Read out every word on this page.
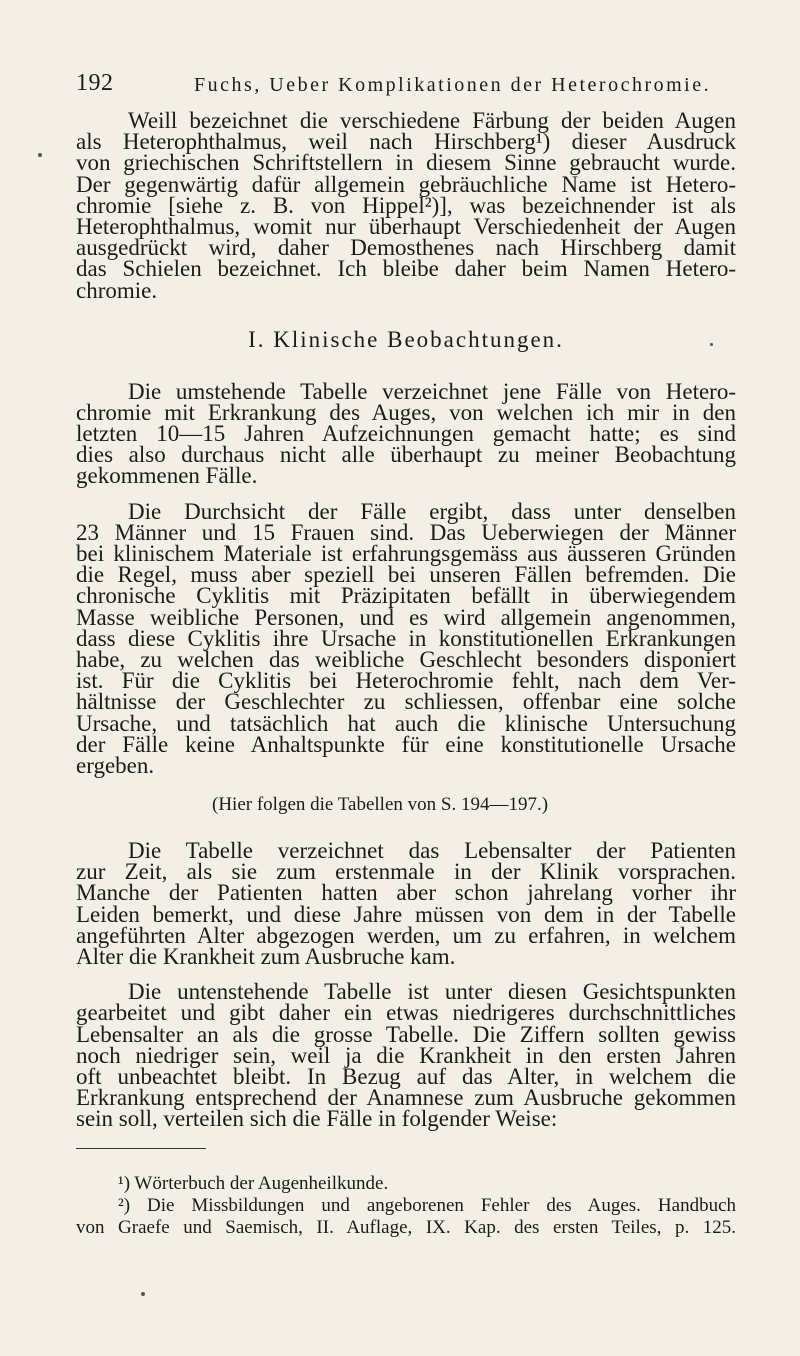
192	Fuchs, Ueber Komplikationen der Heterochromie.
Weill bezeichnet die verschiedene Färbung der beiden Augen
als Heterophthalmus, weil nach Hirschberg¹) dieser Ausdruck
von griechischen Schriftstellern in diesem Sinne gebraucht wurde.
Der gegenwärtig dafür allgemein gebräuchliche Name ist Hetero-
chromie [siehe z. B. von Hippel²)], was bezeichnender ist als
Heterophthalmus, womit nur überhaupt Verschiedenheit der Augen
ausgedrückt wird, daher Demosthenes nach Hirschberg damit
das Schielen bezeichnet. Ich bleibe daher beim Namen Hetero-
chromie.
I. Klinische Beobachtungen.
Die umstehende Tabelle verzeichnet jene Fälle von Hetero-
chromie mit Erkrankung des Auges, von welchen ich mir in den
letzten 10—15 Jahren Aufzeichnungen gemacht hatte; es sind
dies also durchaus nicht alle überhaupt zu meiner Beobachtung
gekommenen Fälle.
Die Durchsicht der Fälle ergibt, dass unter denselben
23 Männer und 15 Frauen sind. Das Ueberwiegen der Männer
bei klinischem Materiale ist erfahrungsgemäss aus äusseren Gründen
die Regel, muss aber speziell bei unseren Fällen befremden. Die
chronische Cyklitis mit Präzipitaten befällt in überwiegendem
Masse weibliche Personen, und es wird allgemein angenommen,
dass diese Cyklitis ihre Ursache in konstitutionellen Erkrankungen
habe, zu welchen das weibliche Geschlecht besonders disponiert
ist. Für die Cyklitis bei Heterochromie fehlt, nach dem Ver-
hältnisse der Geschlechter zu schliessen, offenbar eine solche
Ursache, und tatsächlich hat auch die klinische Untersuchung
der Fälle keine Anhaltspunkte für eine konstitutionelle Ursache
ergeben.
(Hier folgen die Tabellen von S. 194—197.)
Die Tabelle verzeichnet das Lebensalter der Patienten
zur Zeit, als sie zum erstenmale in der Klinik vorsprachen.
Manche der Patienten hatten aber schon jahrelang vorher ihr
Leiden bemerkt, und diese Jahre müssen von dem in der Tabelle
angeführten Alter abgezogen werden, um zu erfahren, in welchem
Alter die Krankheit zum Ausbruche kam.
Die untenstehende Tabelle ist unter diesen Gesichtspunkten
gearbeitet und gibt daher ein etwas niedrigeres durchschnittliches
Lebensalter an als die grosse Tabelle. Die Ziffern sollten gewiss
noch niedriger sein, weil ja die Krankheit in den ersten Jahren
oft unbeachtet bleibt. In Bezug auf das Alter, in welchem die
Erkrankung entsprechend der Anamnese zum Ausbruche gekommen
sein soll, verteilen sich die Fälle in folgender Weise:
¹) Wörterbuch der Augenheilkunde.
²) Die Missbildungen und angeborenen Fehler des Auges. Handbuch
von Graefe und Saemisch, II. Auflage, IX. Kap. des ersten Teiles, p. 125.
